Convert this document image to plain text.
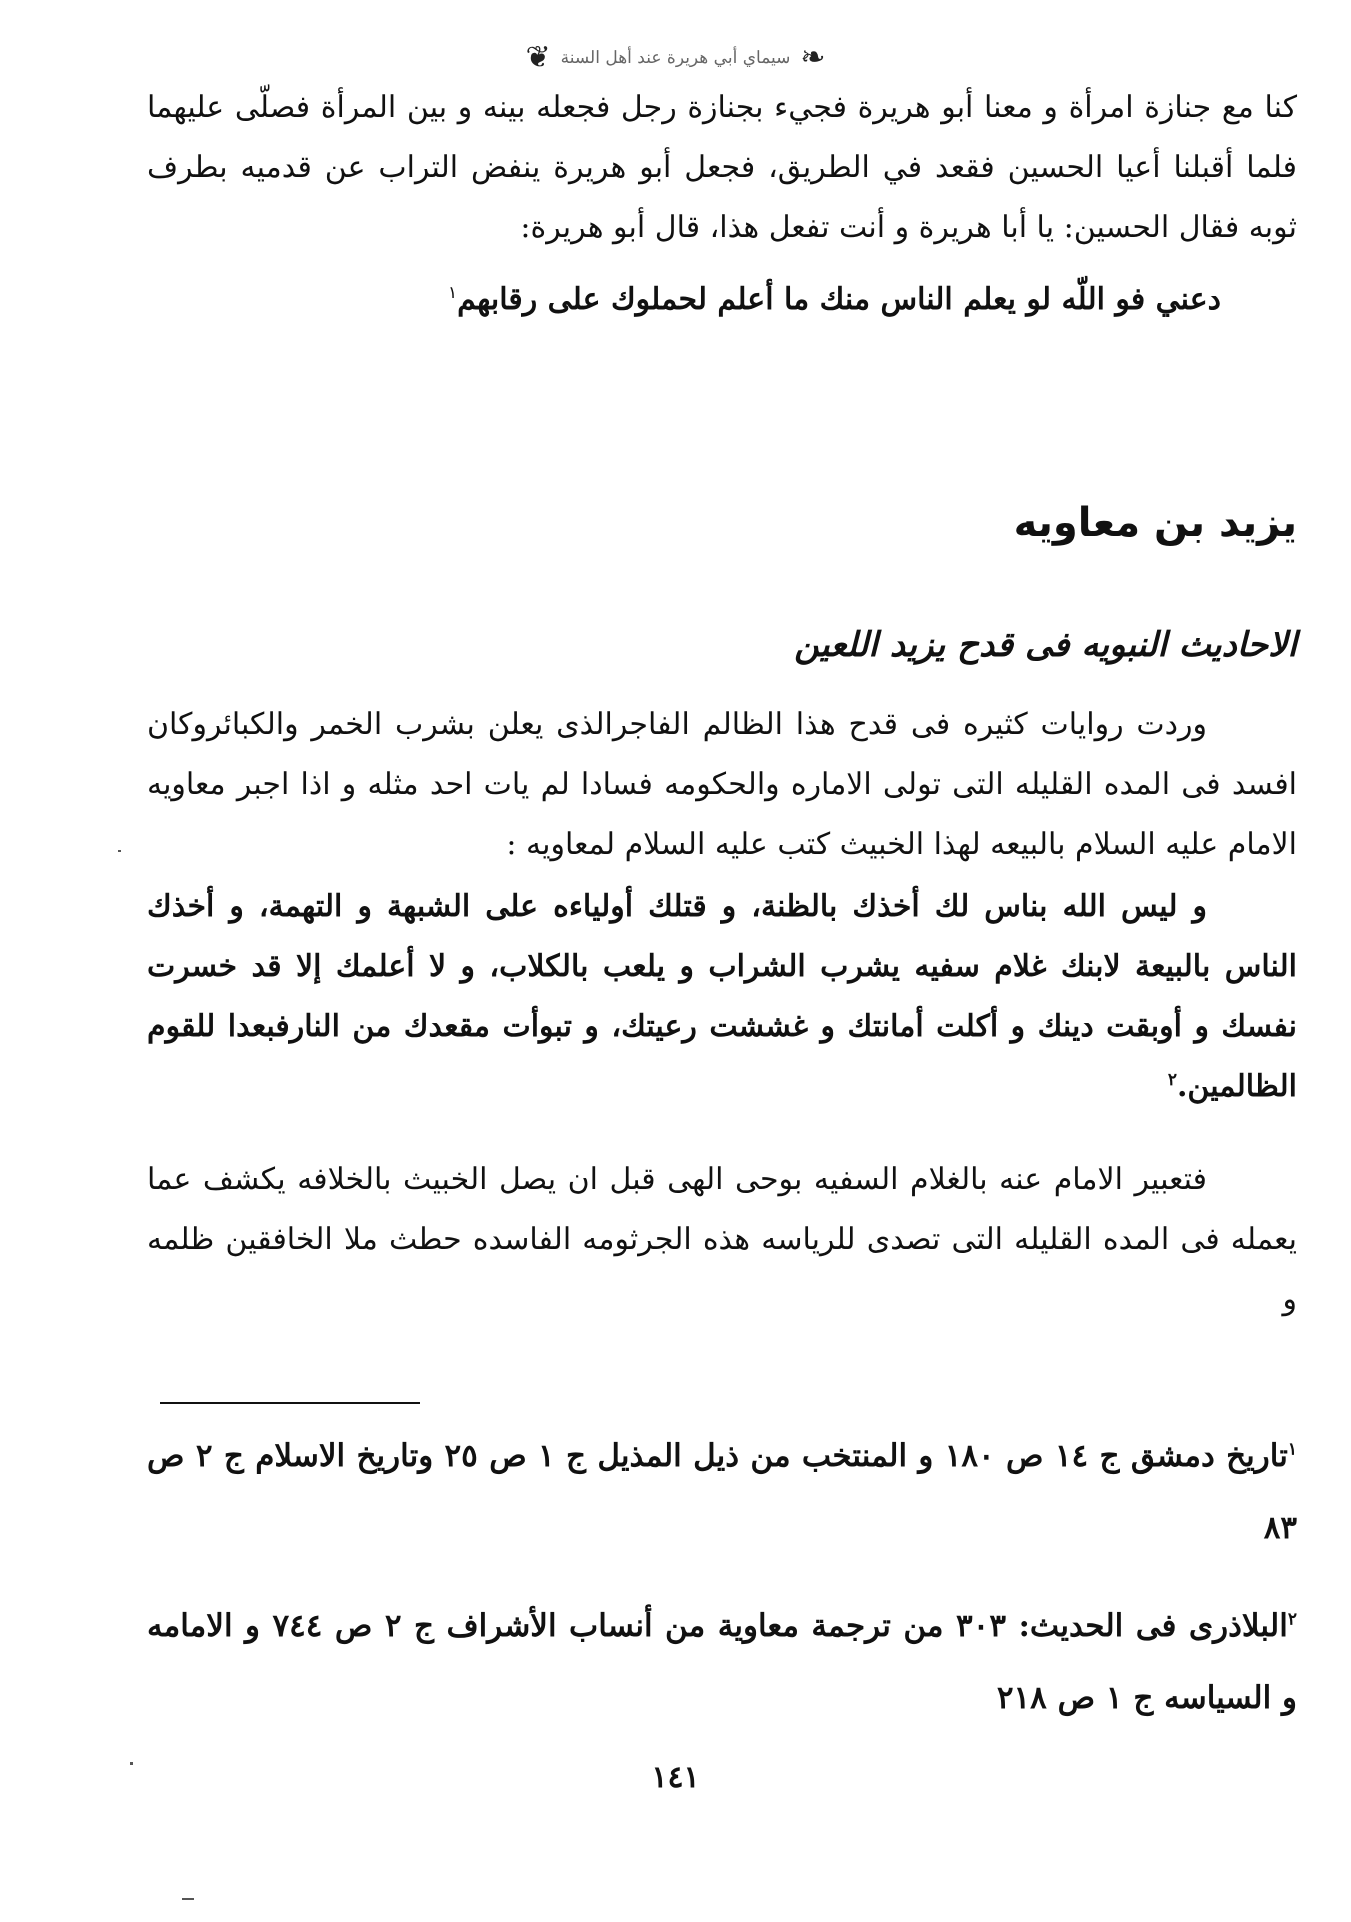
❧
سيماي أبي هريرة عند أهل السنة
❦
كنا مع جنازة امرأة و معنا أبو هريرة فجيء بجنازة رجل فجعله بينه و بين المرأة فصلّى عليهما فلما أقبلنا أعيا الحسين فقعد في الطريق، فجعل أبو هريرة ينفض التراب عن قدميه بطرف ثوبه فقال الحسين: يا أبا هريرة و أنت تفعل هذا، قال أبو هريرة:
دعني فو اللّه لو يعلم الناس منك ما أعلم لحملوك على رقابهم$^١$
يزيد بن معاويه
الاحاديث النبويه فى قدح يزيد اللعين
وردت روايات كثيره فى قدح هذا الظالم الفاجرالذى يعلن بشرب الخمر والكبائروكان افسد فى المده القليله التى تولى الاماره والحكومه فسادا لم يات احد مثله و اذا اجبر معاويه الامام عليه السلام بالبيعه لهذا الخبيث كتب عليه السلام لمعاويه :
و ليس الله بناس لك أخذك بالظنة، و قتلك أولياءه على الشبهة و التهمة، و أخذك الناس بالبيعة لابنك غلام سفيه يشرب الشراب و يلعب بالكلاب، و لا أعلمك إلا قد خسرت نفسك و أوبقت دينك و أكلت أمانتك و غششت رعيتك، و تبوأت مقعدك من النارفبعدا للقوم الظالمين.$^٢$
فتعبير الامام عنه بالغلام السفيه بوحى الهى قبل ان يصل الخبيث بالخلافه يكشف عما يعمله فى المده القليله التى تصدى للرياسه هذه الجرثومه الفاسده حطث ملا الخافقين ظلمه و
$^١$تاريخ دمشق ج ١٤ ص ١٨٠ و المنتخب من ذيل المذيل ج ١ ص ٢٥ وتاريخ الاسلام ج ٢ ص ٨٣
$^٢$البلاذرى فى الحديث: ٣٠٣ من ترجمة معاوية من أنساب الأشراف ج ٢ ص ٧٤٤ و الامامه و السياسه ج ١ ص ٢١٨
١٤١
